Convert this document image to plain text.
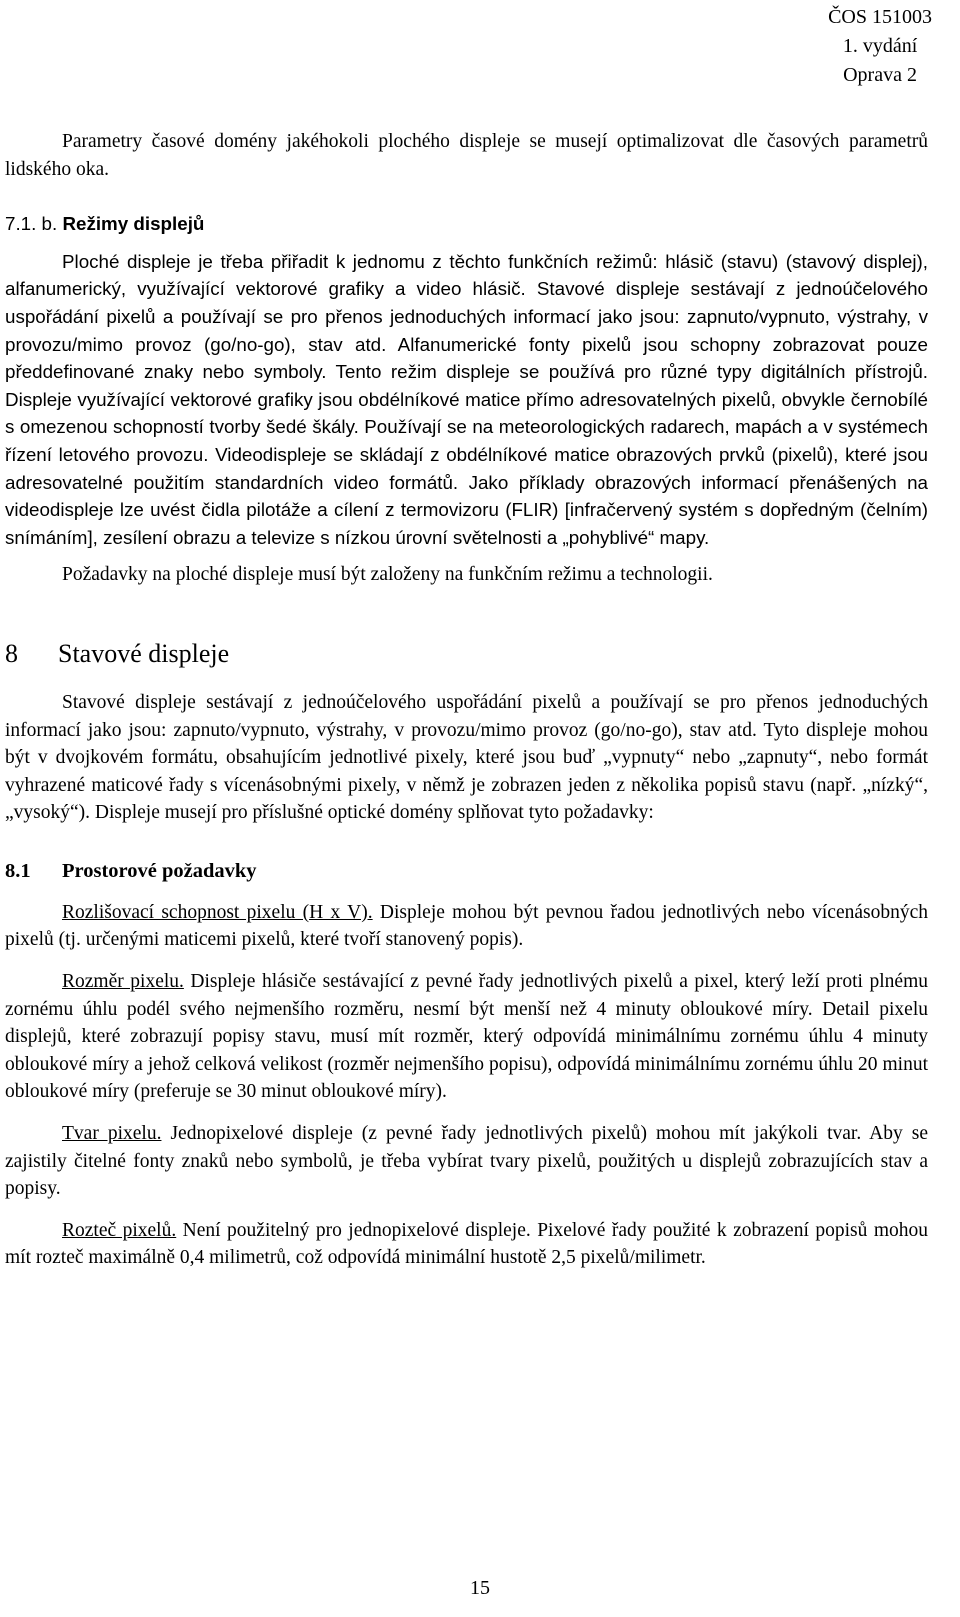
ČOS 151003
1. vydání
Oprava 2

Parametry časové domény jakéhokoli plochého displeje se musejí optimalizovat dle časových parametrů lidského oka.

7.1. b. Režimy displejů

Ploché displeje je třeba přiřadit k jednomu z těchto funkčních režimů: hlásič (stavu) (stavový displej), alfanumerický, využívající vektorové grafiky a video hlásič. Stavové displeje sestávají z jednoúčelového uspořádání pixelů a používají se pro přenos jednoduchých informací jako jsou: zapnuto/vypnuto, výstrahy, v provozu/mimo provoz (go/no-go), stav atd. Alfanumerické fonty pixelů jsou schopny zobrazovat pouze předdefinované znaky nebo symboly. Tento režim displeje se používá pro různé typy digitálních přístrojů. Displeje využívající vektorové grafiky jsou obdélníkové matice přímo adresovatelných pixelů, obvykle černobílé s omezenou schopností tvorby šedé škály. Používají se na meteorologických radarech, mapách a v systémech řízení letového provozu. Videodispleje se skládají z obdélníkové matice obrazových prvků (pixelů), které jsou adresovatelné použitím standardních video formátů. Jako příklady obrazových informací přenášených na videodispleje lze uvést čidla pilotáže a cílení z termovizoru (FLIR) [infračervený systém s dopředným (čelním) snímáním], zesílení obrazu a televize s nízkou úrovní světelnosti a „pohyblivé“ mapy.

Požadavky na ploché displeje musí být založeny na funkčním režimu a technologii.

8	Stavové displeje

Stavové displeje sestávají z jednoúčelového uspořádání pixelů a používají se pro přenos jednoduchých informací jako jsou: zapnuto/vypnuto, výstrahy, v provozu/mimo provoz (go/no-go), stav atd. Tyto displeje mohou být v dvojkovém formátu, obsahujícím jednotlivé pixely, které jsou buď „vypnuty“ nebo „zapnuty“, nebo formát vyhrazené maticové řady s vícenásobnými pixely, v němž je zobrazen jeden z několika popisů stavu (např. „nízký“, „vysoký“). Displeje musejí pro příslušné optické domény splňovat tyto požadavky:

8.1	Prostorové požadavky

Rozlišovací schopnost pixelu (H x V). Displeje mohou být pevnou řadou jednotlivých nebo vícenásobných pixelů (tj. určenými maticemi pixelů, které tvoří stanovený popis).

Rozměr pixelu. Displeje hlásiče sestávající z pevné řady jednotlivých pixelů a pixel, který leží proti plnému zornému úhlu podél svého nejmenšího rozměru, nesmí být menší než 4 minuty obloukové míry. Detail pixelu displejů, které zobrazují popisy stavu, musí mít rozměr, který odpovídá minimálnímu zornému úhlu 4 minuty obloukové míry a jehož celková velikost (rozměr nejmenšího popisu), odpovídá minimálnímu zornému úhlu 20 minut obloukové míry (preferuje se 30 minut obloukové míry).

Tvar pixelu. Jednopixelové displeje (z pevné řady jednotlivých pixelů) mohou mít jakýkoli tvar. Aby se zajistily čitelné fonty znaků nebo symbolů, je třeba vybírat tvary pixelů, použitých u displejů zobrazujících stav a popisy.

Rozteč pixelů. Není použitelný pro jednopixelové displeje. Pixelové řady použité k zobrazení popisů mohou mít rozteč maximálně 0,4 milimetrů, což odpovídá minimální hustotě 2,5 pixelů/milimetr.

15
